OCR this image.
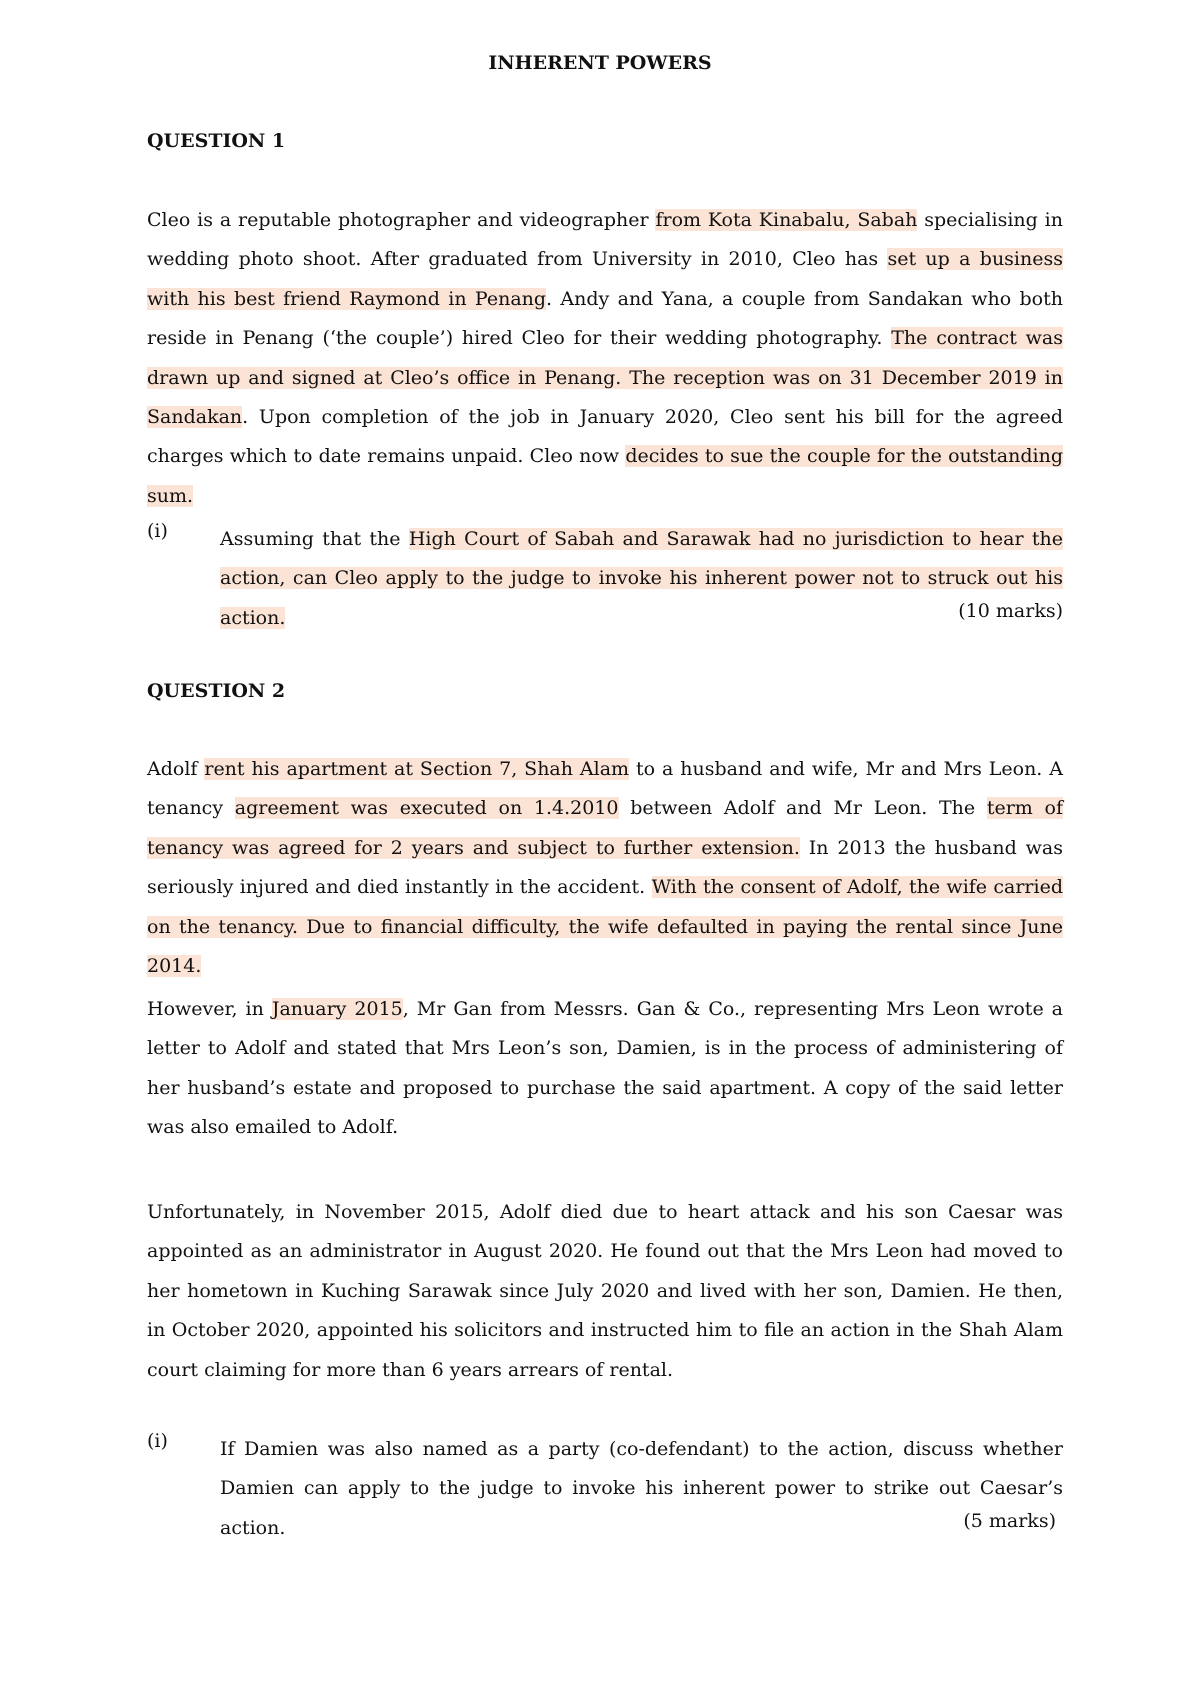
INHERENT POWERS
QUESTION 1

Cleo is a reputable photographer and videographer from Kota Kinabalu, Sabah specialising in wedding photo shoot. After graduated from University in 2010, Cleo has set up a business with his best friend Raymond in Penang. Andy and Yana, a couple from Sandakan who both reside in Penang (‘the couple’) hired Cleo for their wedding photography. The contract was drawn up and signed at Cleo’s office in Penang. The reception was on 31 December 2019 in Sandakan. Upon completion of the job in January 2020, Cleo sent his bill for the agreed charges which to date remains unpaid. Cleo now decides to sue the couple for the outstanding sum.

(i)	Assuming that the High Court of Sabah and Sarawak had no jurisdiction to hear the action, can Cleo apply to the judge to invoke his inherent power not to struck out his action.	(10 marks)
QUESTION 2

Adolf rent his apartment at Section 7, Shah Alam to a husband and wife, Mr and Mrs Leon. A tenancy agreement was executed on 1.4.2010 between Adolf and Mr Leon. The term of tenancy was agreed for 2 years and subject to further extension. In 2013 the husband was seriously injured and died instantly in the accident. With the consent of Adolf, the wife carried on the tenancy. Due to financial difficulty, the wife defaulted in paying the rental since June 2014.

However, in January 2015, Mr Gan from Messrs. Gan & Co., representing Mrs Leon wrote a letter to Adolf and stated that Mrs Leon’s son, Damien, is in the process of administering of her husband’s estate and proposed to purchase the said apartment. A copy of the said letter was also emailed to Adolf.

Unfortunately, in November 2015, Adolf died due to heart attack and his son Caesar was appointed as an administrator in August 2020. He found out that the Mrs Leon had moved to her hometown in Kuching Sarawak since July 2020 and lived with her son, Damien. He then, in October 2020, appointed his solicitors and instructed him to file an action in the Shah Alam court claiming for more than 6 years arrears of rental.

(i)	If Damien was also named as a party (co-defendant) to the action, discuss whether Damien can apply to the judge to invoke his inherent power to strike out Caesar’s action.	(5 marks)
